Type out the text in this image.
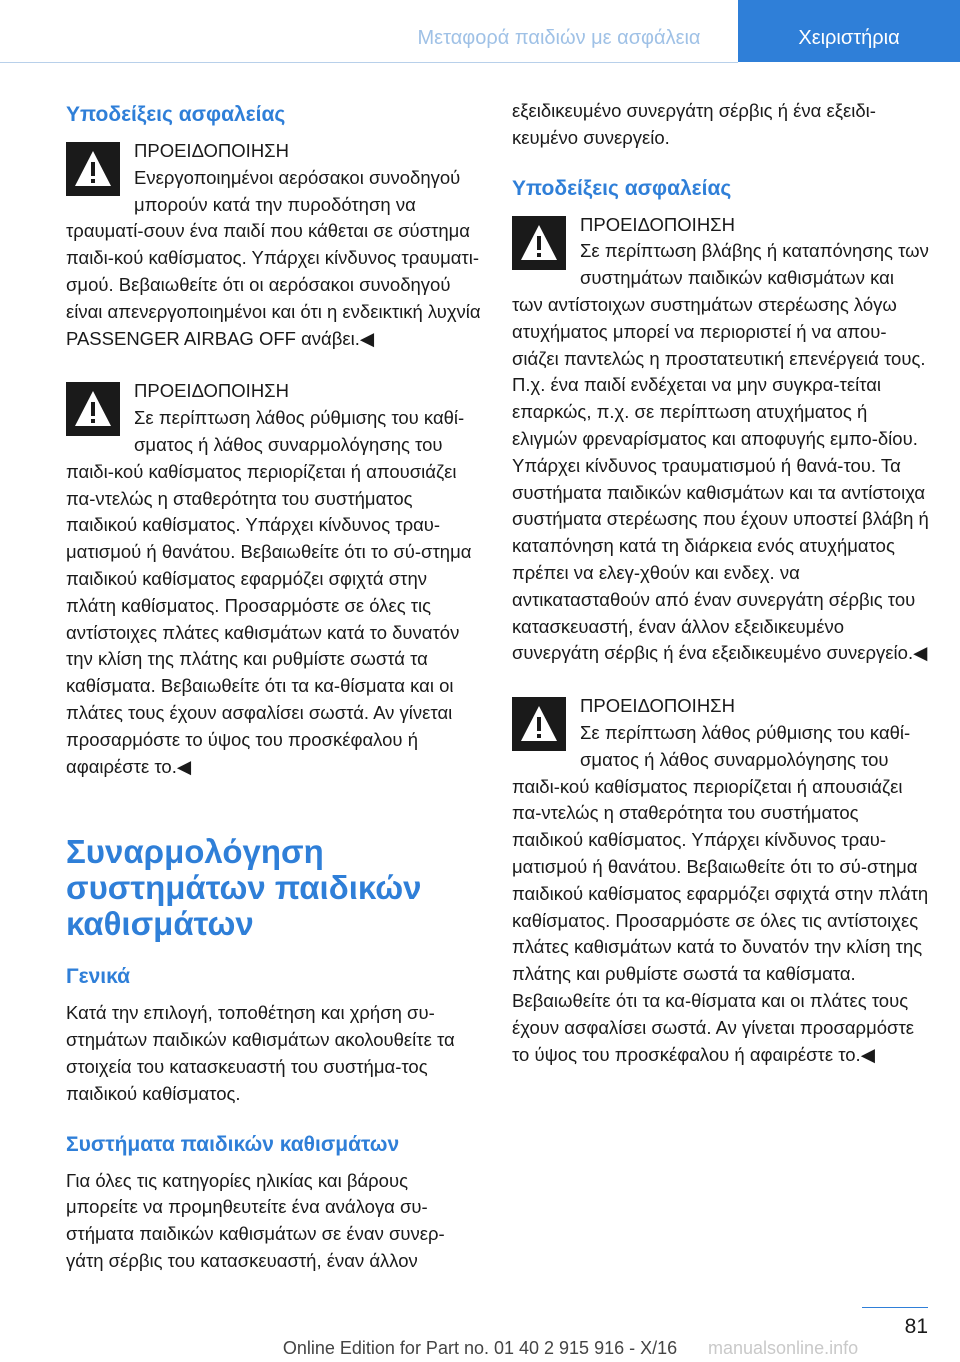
Μεταφορά παιδιών με ασφάλεια	Χειριστήρια
Υποδείξεις ασφαλείας
ΠΡΟΕΙΔΟΠΟΙΗΣΗ
Ενεργοποιημένοι αερόσακοι συνοδηγού μπορούν κατά την πυροδότηση να τραυματί‐σουν ένα παιδί που κάθεται σε σύστημα παιδι‐κού καθίσματος. Υπάρχει κίνδυνος τραυματι‐σμού. Βεβαιωθείτε ότι οι αερόσακοι συνοδηγού είναι απενεργοποιημένοι και ότι η ενδεικτική λυχνία PASSENGER AIRBAG OFF ανάβει.◀
ΠΡΟΕΙΔΟΠΟΙΗΣΗ
Σε περίπτωση λάθος ρύθμισης του καθί‐σματος ή λάθος συναρμολόγησης του παιδι‐κού καθίσματος περιορίζεται ή απουσιάζει πα‐ντελώς η σταθερότητα του συστήματος παιδικού καθίσματος. Υπάρχει κίνδυνος τραυ‐ματισμού ή θανάτου. Βεβαιωθείτε ότι το σύ‐στημα παιδικού καθίσματος εφαρμόζει σφιχτά στην πλάτη καθίσματος. Προσαρμόστε σε όλες τις αντίστοιχες πλάτες καθισμάτων κατά το δυνατόν την κλίση της πλάτης και ρυθμίστε σωστά τα καθίσματα. Βεβαιωθείτε ότι τα κα‐θίσματα και οι πλάτες τους έχουν ασφαλίσει σωστά. Αν γίνεται προσαρμόστε το ύψος του προσκέφαλου ή αφαιρέστε το.◀
Συναρμολόγηση συστημάτων παιδικών καθισμάτων
Γενικά

Κατά την επιλογή, τοποθέτηση και χρήση συ‐στημάτων παιδικών καθισμάτων ακολουθείτε τα στοιχεία του κατασκευαστή του συστήμα‐τος παιδικού καθίσματος.

Συστήματα παιδικών καθισμάτων

Για όλες τις κατηγορίες ηλικίας και βάρους μπορείτε να προμηθευτείτε ένα ανάλογα συ‐στήματα παιδικών καθισμάτων σε έναν συνερ‐γάτη σέρβις του κατασκευαστή, έναν άλλον

εξειδικευμένο συνεργάτη σέρβις ή ένα εξειδι‐κευμένο συνεργείο.

Υποδείξεις ασφαλείας
ΠΡΟΕΙΔΟΠΟΙΗΣΗ
Σε περίπτωση βλάβης ή καταπόνησης των συστημάτων παιδικών καθισμάτων και των αντίστοιχων συστημάτων στερέωσης λόγω ατυχήματος μπορεί να περιοριστεί ή να απου‐σιάζει παντελώς η προστατευτική επενέργειά τους. Π.χ. ένα παιδί ενδέχεται να μην συγκρα‐τείται επαρκώς, π.χ. σε περίπτωση ατυχήματος ή ελιγμών φρεναρίσματος και αποφυγής εμπο‐δίου. Υπάρχει κίνδυνος τραυματισμού ή θανά‐του. Τα συστήματα παιδικών καθισμάτων και τα αντίστοιχα συστήματα στερέωσης που έχουν υποστεί βλάβη ή καταπόνηση κατά τη διάρκεια ενός ατυχήματος πρέπει να ελεγ‐χθούν και ενδεχ. να αντικατασταθούν από έναν συνεργάτη σέρβις του κατασκευαστή, έναν άλλον εξειδικευμένο συνεργάτη σέρβις ή ένα εξειδικευμένο συνεργείο.◀
ΠΡΟΕΙΔΟΠΟΙΗΣΗ
Σε περίπτωση λάθος ρύθμισης του καθί‐σματος ή λάθος συναρμολόγησης του παιδι‐κού καθίσματος περιορίζεται ή απουσιάζει πα‐ντελώς η σταθερότητα του συστήματος παιδικού καθίσματος. Υπάρχει κίνδυνος τραυ‐ματισμού ή θανάτου. Βεβαιωθείτε ότι το σύ‐στημα παιδικού καθίσματος εφαρμόζει σφιχτά στην πλάτη καθίσματος. Προσαρμόστε σε όλες τις αντίστοιχες πλάτες καθισμάτων κατά το δυνατόν την κλίση της πλάτης και ρυθμίστε σωστά τα καθίσματα. Βεβαιωθείτε ότι τα κα‐θίσματα και οι πλάτες τους έχουν ασφαλίσει σωστά. Αν γίνεται προσαρμόστε το ύψος του προσκέφαλου ή αφαιρέστε το.◀
81
Online Edition for Part no. 01 40 2 915 916 - X/16	manualsonline.info
